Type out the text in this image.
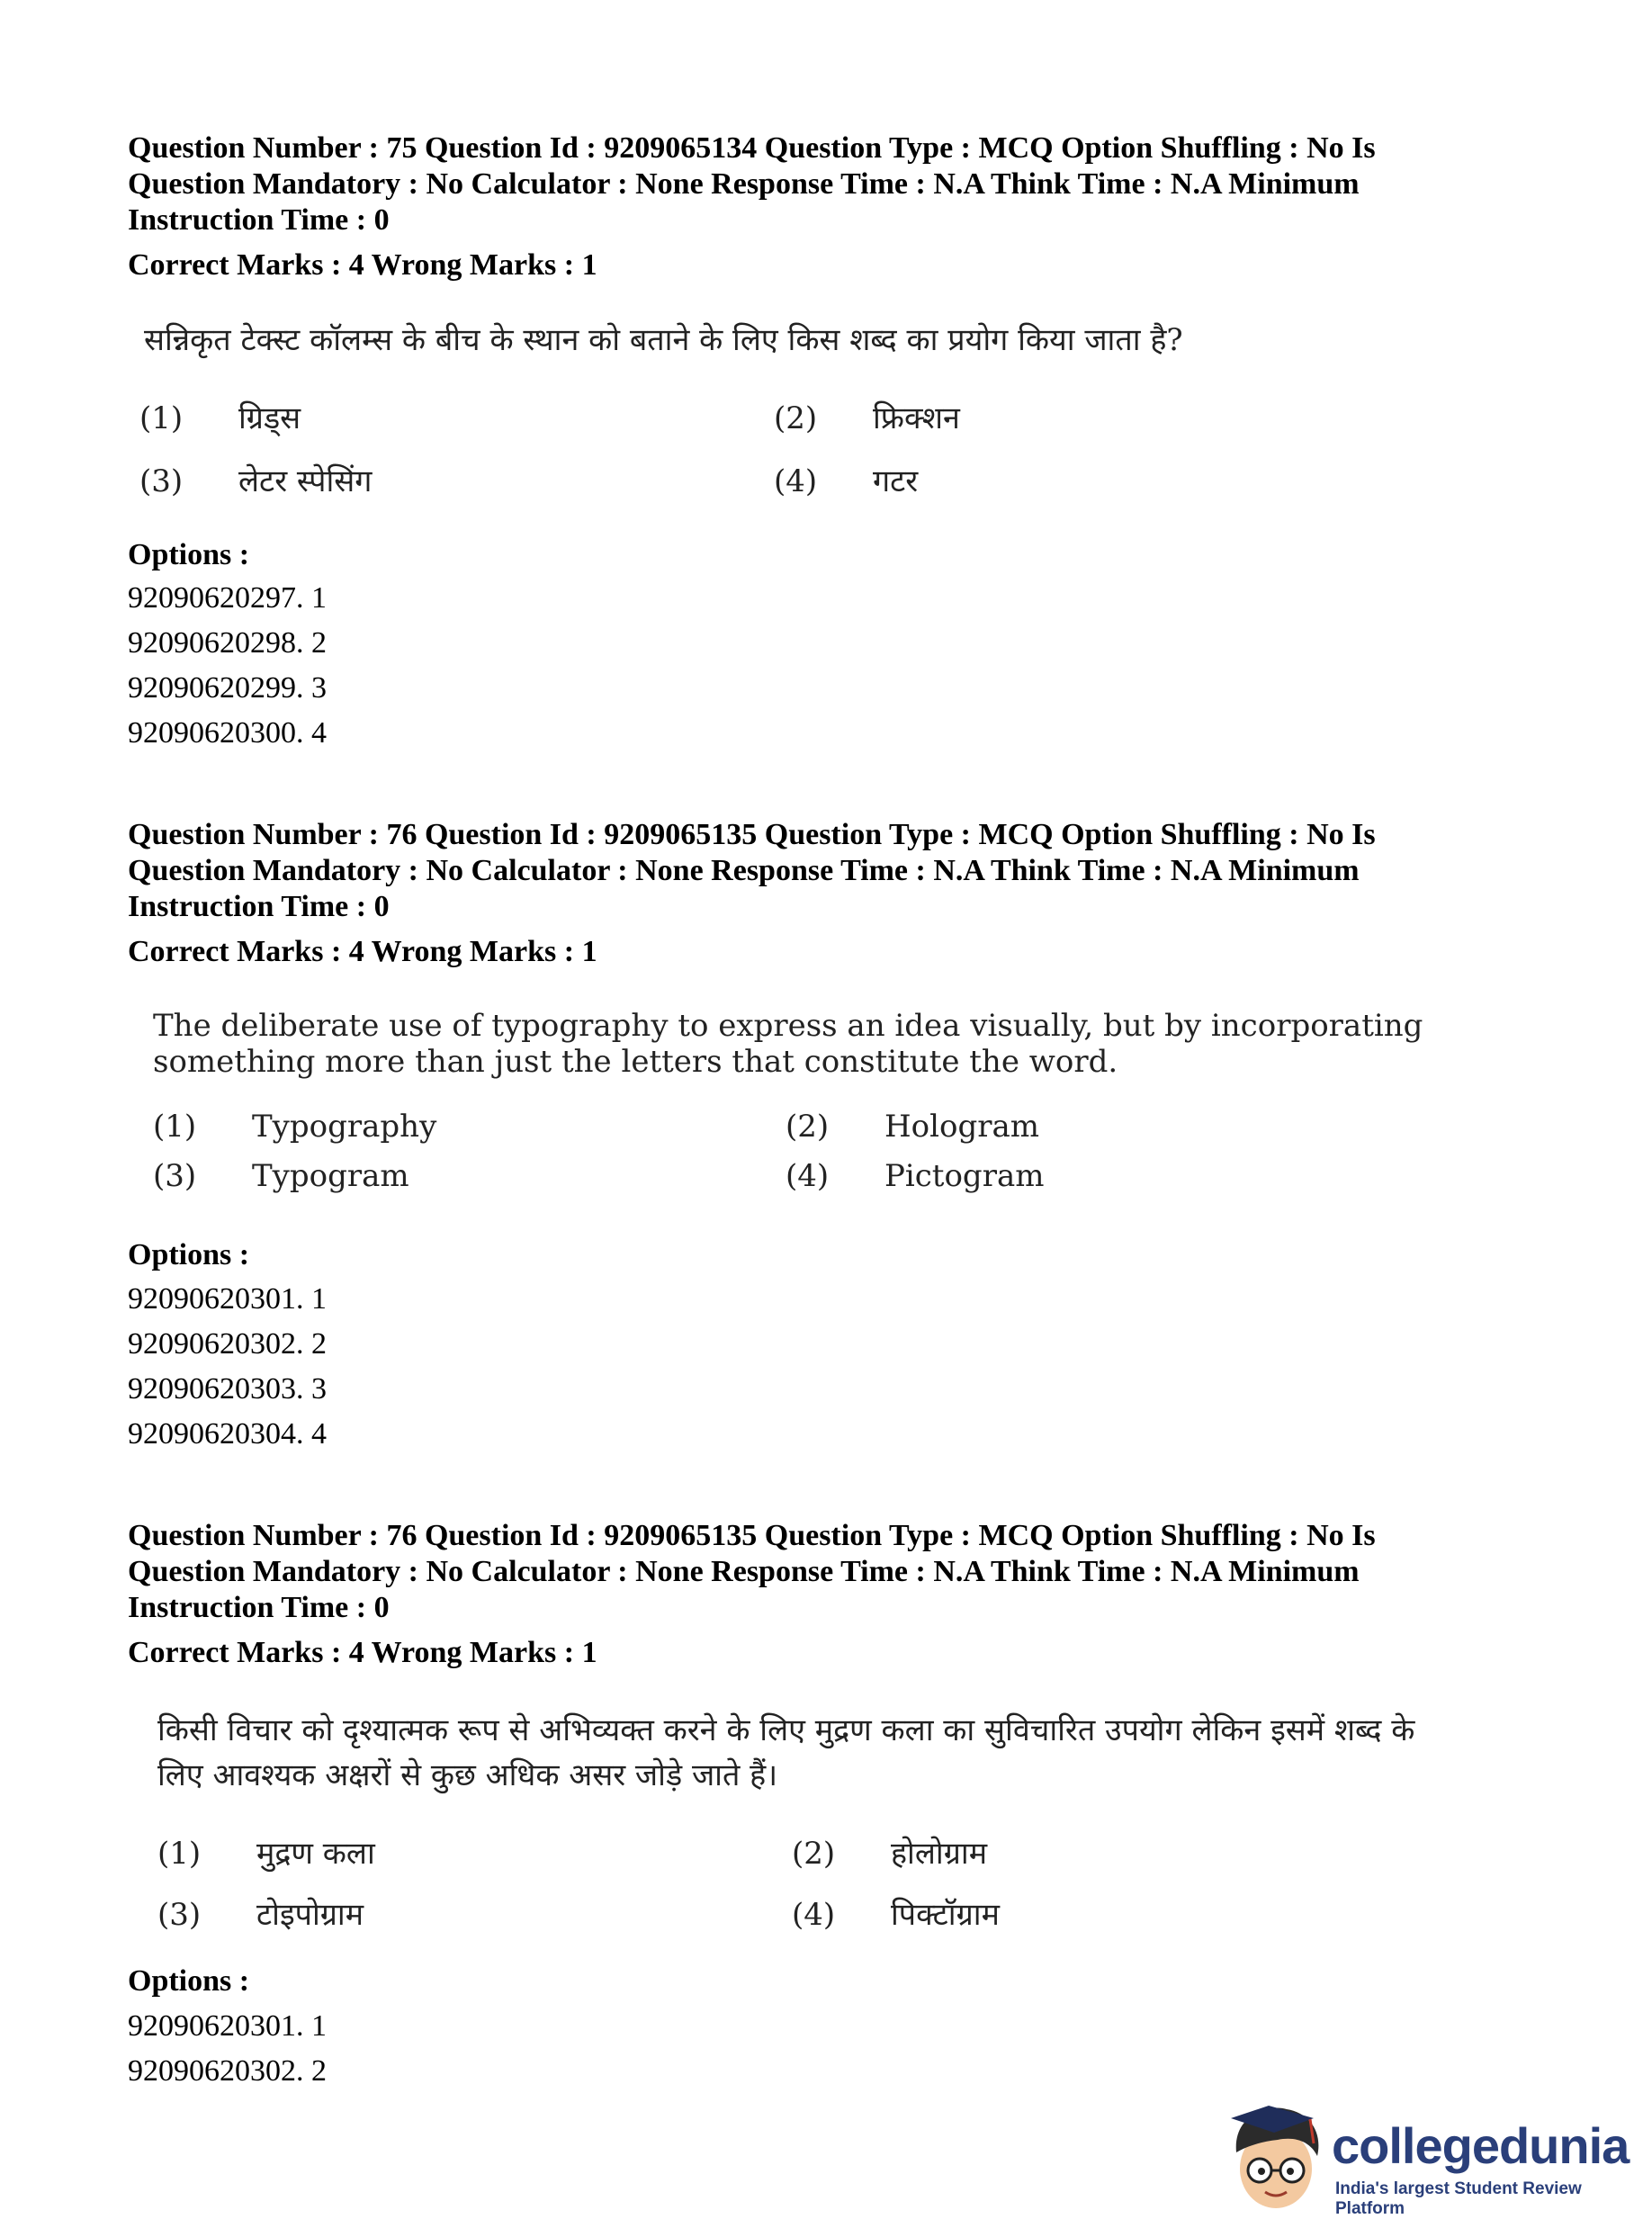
Question Number : 75 Question Id : 9209065134 Question Type : MCQ Option Shuffling : No Is Question Mandatory : No Calculator : None Response Time : N.A Think Time : N.A Minimum Instruction Time : 0
Correct Marks : 4 Wrong Marks : 1
सन्निकृत टेक्स्ट कॉलम्स के बीच के स्थान को बताने के लिए किस शब्द का प्रयोग किया जाता है?
(1) ग्रिड्स	(2) फ्रिक्शन
(3) लेटर स्पेसिंग	(4) गटर
Options :
92090620297. 1
92090620298. 2
92090620299. 3
92090620300. 4
Question Number : 76 Question Id : 9209065135 Question Type : MCQ Option Shuffling : No Is Question Mandatory : No Calculator : None Response Time : N.A Think Time : N.A Minimum Instruction Time : 0
Correct Marks : 4 Wrong Marks : 1
The deliberate use of typography to express an idea visually, but by incorporating something more than just the letters that constitute the word.
(1) Typography	(2) Hologram
(3) Typogram	(4) Pictogram
Options :
92090620301. 1
92090620302. 2
92090620303. 3
92090620304. 4
Question Number : 76 Question Id : 9209065135 Question Type : MCQ Option Shuffling : No Is Question Mandatory : No Calculator : None Response Time : N.A Think Time : N.A Minimum Instruction Time : 0
Correct Marks : 4 Wrong Marks : 1
किसी विचार को दृश्यात्मक रूप से अभिव्यक्त करने के लिए मुद्रण कला का सुविचारित उपयोग लेकिन इसमें शब्द के लिए आवश्यक अक्षरों से कुछ अधिक असर जोड़े जाते हैं।
(1) मुद्रण कला	(2) होलोग्राम
(3) टोइपोग्राम	(4) पिक्टॉग्राम
Options :
92090620301. 1
92090620302. 2
collegedunia
India's largest Student Review Platform
